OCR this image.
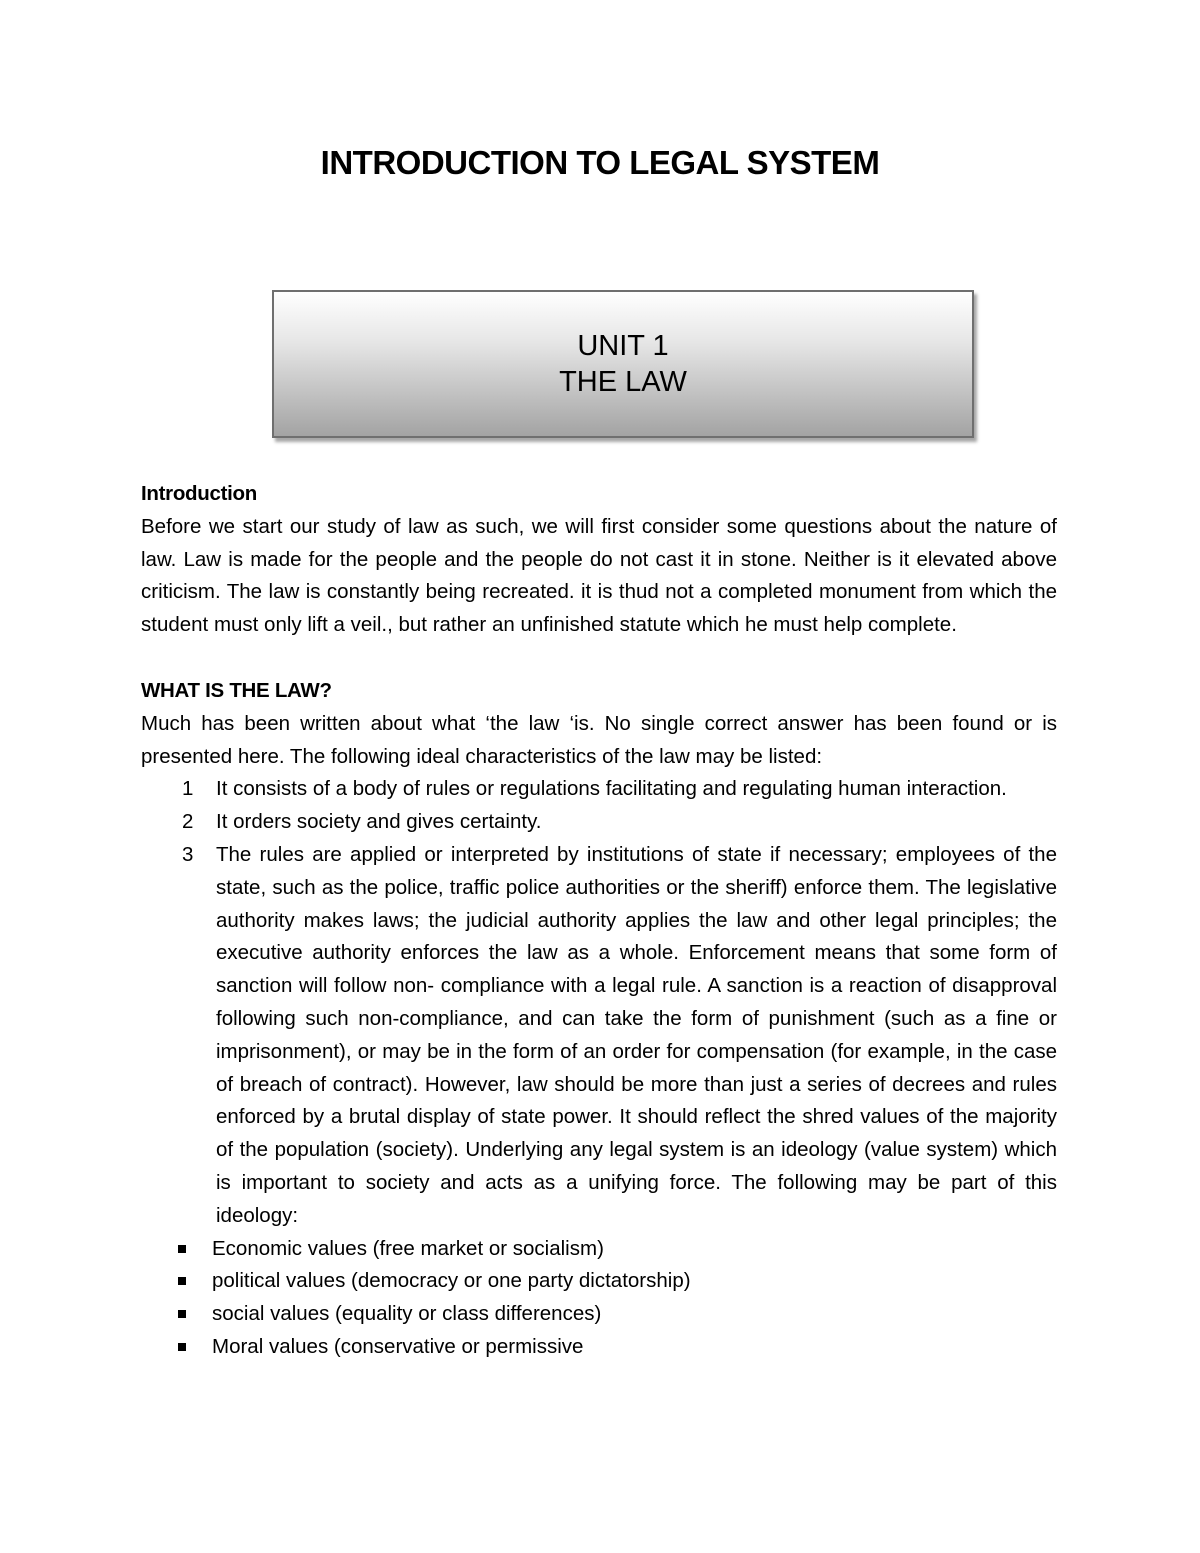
INTRODUCTION TO LEGAL SYSTEM
UNIT 1
THE LAW

Introduction

Before we start our study of law as such, we will first consider some questions about the nature of law. Law is made for the people and the people do not cast it in stone. Neither is it elevated above criticism. The law is constantly being recreated. it is thud not a completed monument from which the student must only lift a veil., but rather an unfinished statute which he must help complete.

WHAT IS THE LAW?

Much has been written about what ‘the law ‘is. No single correct answer has been found or is presented here. The following ideal characteristics of the law may be listed:

1 It consists of a body of rules or regulations facilitating and regulating human interaction.
2 It orders society and gives certainty.
3 The rules are applied or interpreted by institutions of state if necessary; employees of the state, such as the police, traffic police authorities or the sheriff) enforce them. The legislative authority makes laws; the judicial authority applies the law and other legal principles; the executive authority enforces the law as a whole. Enforcement means that some form of sanction will follow non- compliance with a legal rule. A sanction is a reaction of disapproval following such non-compliance, and can take the form of punishment (such as a fine or imprisonment), or may be in the form of an order for compensation (for example, in the case of breach of contract). However, law should be more than just a series of decrees and rules enforced by a brutal display of state power. It should reflect the shred values of the majority of the population (society). Underlying any legal system is an ideology (value system) which is important to society and acts as a unifying force. The following may be part of this ideology:
Economic values (free market or socialism)
political values (democracy or one party dictatorship)
social values (equality or class differences)
Moral values (conservative or permissive
